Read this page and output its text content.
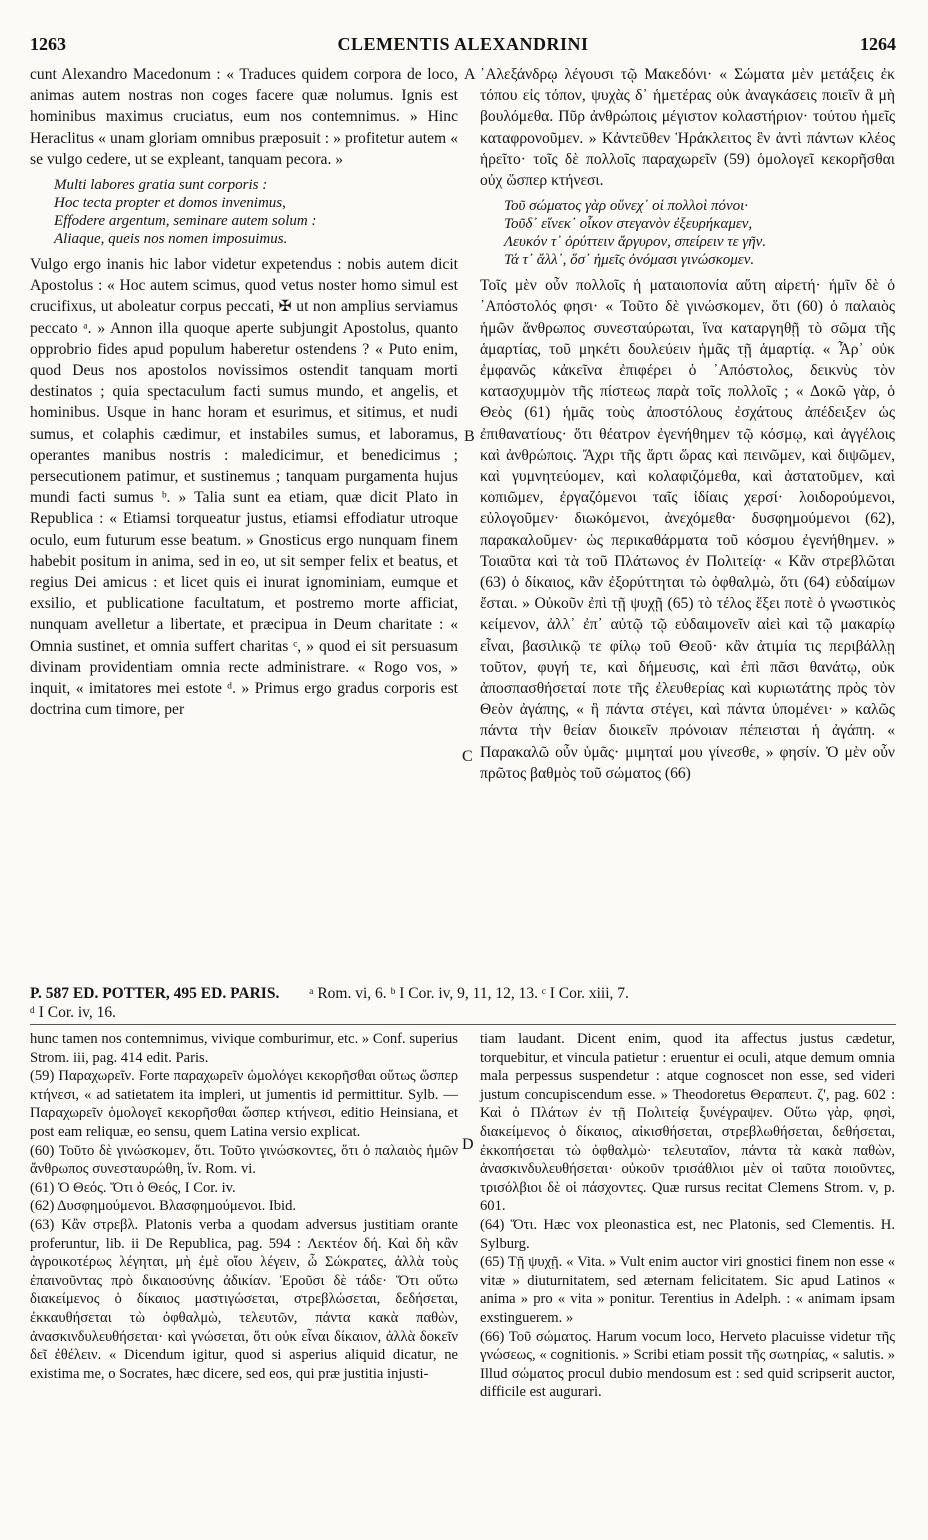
1263	CLEMENTIS ALEXANDRINI	1264

cunt Alexandro Macedonum : « Traduces quidem corpora de loco, animas autem nostras non coges facere quæ nolumus. Ignis est hominibus maximus cruciatus, eum nos contemnimus. » Hinc Heraclitus « unam gloriam omnibus præposuit : » profitetur autem « se vulgo cedere, ut se expleant, tanquam pecora. »

Multi labores gratia sunt corporis :
Hoc tecta propter et domos invenimus,
Effodere argentum, seminare autem solum :
Aliaque, queis nos nomen imposuimus.

Vulgo ergo inanis hic labor videtur expetendus : nobis autem dicit Apostolus : « Hoc autem scimus, quod vetus noster homo simul est crucifixus, ut aboleatur corpus peccati, ✠ ut non amplius serviamus peccato ᵃ. » Annon illa quoque aperte subjungit Apostolus, quanto opprobrio fides apud populum haberetur ostendens ? « Puto enim, quod Deus nos apostolos novissimos ostendit tanquam morti destinatos ; quia spectaculum facti sumus mundo, et angelis, et hominibus. Usque in hanc horam et esurimus, et sitimus, et nudi sumus, et colaphis cædimur, et instabiles sumus, et laboramus, operantes manibus nostris : maledicimur, et benedicimus ; persecutionem patimur, et sustinemus ; tanquam purgamenta hujus mundi facti sumus ᵇ. » Talia sunt ea etiam, quæ dicit Plato in Republica : « Etiamsi torqueatur justus, etiamsi effodiatur utroque oculo, eum futurum esse beatum. » Gnosticus ergo nunquam finem habebit positum in anima, sed in eo, ut sit semper felix et beatus, et regius Dei amicus : et licet quis ei inurat ignominiam, eumque et exsilio, et publicatione facultatum, et postremo morte afficiat, nunquam avelletur a libertate, et præcipua in Deum charitate : « Omnia sustinet, et omnia suffert charitas ᶜ, » quod ei sit persuasum divinam providentiam omnia recte administrare. « Rogo vos, » inquit, « imitatores mei estote ᵈ. » Primus ergo gradus corporis est doctrina cum timore, per

᾿Αλεξάνδρῳ λέγουσι τῷ Μακεδόνι· « Σώματα μὲν μετάξεις ἐκ τόπου εἰς τόπον, ψυχὰς δ᾿ ἡμετέρας οὐκ ἀναγκάσεις ποιεῖν ἃ μὴ βουλόμεθα. Πῦρ ἀνθρώποις μέγιστον κολαστήριον· τούτου ἡμεῖς καταφρονοῦμεν. » Κἀντεῦθεν Ἡράκλειτος ἓν ἀντὶ πάντων κλέος ἡρεῖτο· τοῖς δὲ πολλοῖς παραχωρεῖν (59) ὁμολογεῖ κεκορῆσθαι οὐχ ὥσπερ κτήνεσι.

Τοῦ σώματος γὰρ οὕνεχ᾿ οἱ πολλοὶ πόνοι·
Τοῦδ᾿ εἵνεκ᾿ οἶκον στεγανὸν ἐξευρήκαμεν,
Λευκόν τ᾿ ὀρύττειν ἄργυρον, σπείρειν τε γῆν.
Τά τ᾿ ἄλλ᾿, ὅσ᾿ ἡμεῖς ὀνόμασι γινώσκομεν.

Τοῖς μὲν οὖν πολλοῖς ἡ ματαιοπονία αὕτη αἱρετή· ἡμῖν δὲ ὁ ᾿Απόστολός φησι· « Τοῦτο δὲ γινώσκομεν, ὅτι (60) ὁ παλαιὸς ἡμῶν ἄνθρωπος συνεσταύρωται, ἵνα καταργηθῇ τὸ σῶμα τῆς ἁμαρτίας, τοῦ μηκέτι δουλεύειν ἡμᾶς τῇ ἁμαρτίᾳ. « Ἆρ᾿ οὐκ ἐμφανῶς κἀκεῖνα ἐπιφέρει ὁ ᾿Απόστολος, δεικνὺς τὸν κατασχυμμὸν τῆς πίστεως παρὰ τοῖς πολλοῖς ; « Δοκῶ γὰρ, ὁ Θεὸς (61) ἡμᾶς τοὺς ἀποστόλους ἐσχάτους ἀπέδειξεν ὡς ἐπιθανατίους· ὅτι θέατρον ἐγενήθημεν τῷ κόσμῳ, καὶ ἀγγέλοις καὶ ἀνθρώποις. Ἄχρι τῆς ἄρτι ὥρας καὶ πεινῶμεν, καὶ διψῶμεν, καὶ γυμνητεύομεν, καὶ κολαφιζόμεθα, καὶ ἀστατοῦμεν, καὶ κοπιῶμεν, ἐργαζόμενοι ταῖς ἰδίαις χερσί· λοιδορούμενοι, εὐλογοῦμεν· διωκόμενοι, ἀνεχόμεθα· δυσφημούμενοι (62), παρακαλοῦμεν· ὡς περικαθάρματα τοῦ κόσμου ἐγενήθημεν. » Τοιαῦτα καὶ τὰ τοῦ Πλάτωνος ἐν Πολιτείᾳ· « Κἂν στρεβλῶται (63) ὁ δίκαιος, κἂν ἐξορύττηται τὼ ὀφθαλμὼ, ὅτι (64) εὐδαίμων ἔσται. » Οὐκοῦν ἐπὶ τῇ ψυχῇ (65) τὸ τέλος ἕξει ποτὲ ὁ γνωστικὸς κείμενον, ἀλλ᾿ ἐπ᾿ αὐτῷ τῷ εὐδαιμονεῖν αἰεὶ καὶ τῷ μακαρίῳ εἶναι, βασιλικῷ τε φίλῳ τοῦ Θεοῦ· κἂν ἀτιμία τις περιβάλλῃ τοῦτον, φυγή τε, καὶ δήμευσις, καὶ ἐπὶ πᾶσι θανάτῳ, οὐκ ἀποσπασθήσεταί ποτε τῆς ἐλευθερίας καὶ κυριωτάτης πρὸς τὸν Θεὸν ἀγάπης, « ἣ πάντα στέγει, καὶ πάντα ὑπομένει· » καλῶς πάντα τὴν θείαν διοικεῖν πρόνοιαν πέπεισται ἡ ἀγάπη. « Παρακαλῶ οὖν ὑμᾶς· μιμηταί μου γίνεσθε, » φησίν. Ὁ μὲν οὖν πρῶτος βαθμὸς τοῦ σώματος (66)

A
B
C
D
P. 587 ED. POTTER, 495 ED. PARIS. ᵃ Rom. vi, 6. ᵇ I Cor. iv, 9, 11, 12, 13. ᶜ I Cor. xiii, 7.
ᵈ I Cor. iv, 16.

hunc tamen nos contemnimus, vivique comburimur, etc. » Conf. superius Strom. iii, pag. 414 edit. Paris.

(59) Παραχωρεῖν. Forte παραχωρεῖν ὡμολόγει κεκορῆσθαι οὕτως ὥσπερ κτήνεσι, « ad satietatem ita impleri, ut jumentis id permittitur. Sylb. — Παραχωρεῖν ὁμολογεῖ κεκορῆσθαι ὥσπερ κτήνεσι, editio Heinsiana, et post eam reliquæ, eo sensu, quem Latina versio explicat.

(60) Τοῦτο δὲ γινώσκομεν, ὅτι. Τοῦτο γινώσκοντες, ὅτι ὁ παλαιὸς ἡμῶν ἄνθρωπος συνεσταυρώθη, ἵν. Rom. vi.

(61) Ὁ Θεός. Ὅτι ὁ Θεός, I Cor. iv.

(62) Δυσφημούμενοι. Βλασφημούμενοι. Ibid.

(63) Κἂν στρεβλ. Platonis verba a quodam adversus justitiam orante proferuntur, lib. ii De Republica, pag. 594 : Λεκτέον δή. Καὶ δὴ κἂν ἀγροικοτέρως λέγηται, μὴ ἐμὲ οἴου λέγειν, ὦ Σώκρατες, ἀλλὰ τοὺς ἐπαινοῦντας πρὸ δικαιοσύνης ἀδικίαν. Ἐροῦσι δὲ τάδε· Ὅτι οὕτω διακείμενος ὁ δίκαιος μαστιγώσεται, στρεβλώσεται, δεδήσεται, ἐκκαυθήσεται τὼ ὀφθαλμὼ, τελευτῶν, πάντα κακὰ παθὼν, ἀνασκινδυλευθήσεται· καὶ γνώσεται, ὅτι οὐκ εἶναι δίκαιον, ἀλλὰ δοκεῖν δεῖ ἐθέλειν. « Dicendum igitur, quod si asperius aliquid dicatur, ne existima me, o Socrates, hæc dicere, sed eos, qui præ justitia injusti-

tiam laudant. Dicent enim, quod ita affectus justus cædetur, torquebitur, et vincula patietur : eruentur ei oculi, atque demum omnia mala perpessus suspendetur : atque cognoscet non esse, sed videri justum concupiscendum esse. » Theodoretus Θεραπευτ. ζ', pag. 602 : Καὶ ὁ Πλάτων ἐν τῇ Πολιτείᾳ ξυνέγραψεν. Οὕτω γὰρ, φησὶ, διακείμενος ὁ δίκαιος, αἰκισθήσεται, στρεβλωθήσεται, δεθήσεται, ἐκκοπήσεται τὼ ὀφθαλμὼ· τελευταῖον, πάντα τὰ κακὰ παθὼν, ἀνασκινδυλευθήσεται· οὐκοῦν τρισάθλιοι μὲν οἱ ταῦτα ποιοῦντες, τρισόλβιοι δὲ οἱ πάσχοντες. Quæ rursus recitat Clemens Strom. v, p. 601.

(64) Ὅτι. Hæc vox pleonastica est, nec Platonis, sed Clementis. H. Sylburg.

(65) Τῇ ψυχῇ. « Vita. » Vult enim auctor viri gnostici finem non esse « vitæ » diuturnitatem, sed æternam felicitatem. Sic apud Latinos « anima » pro « vita » ponitur. Terentius in Adelph. : « animam ipsam exstinguerem. »

(66) Τοῦ σώματος. Harum vocum loco, Herveto placuisse videtur τῆς γνώσεως, « cognitionis. » Scribi etiam possit τῆς σωτηρίας, « salutis. » Illud σώματος procul dubio mendosum est : sed quid scripserit auctor, difficile est augurari.
